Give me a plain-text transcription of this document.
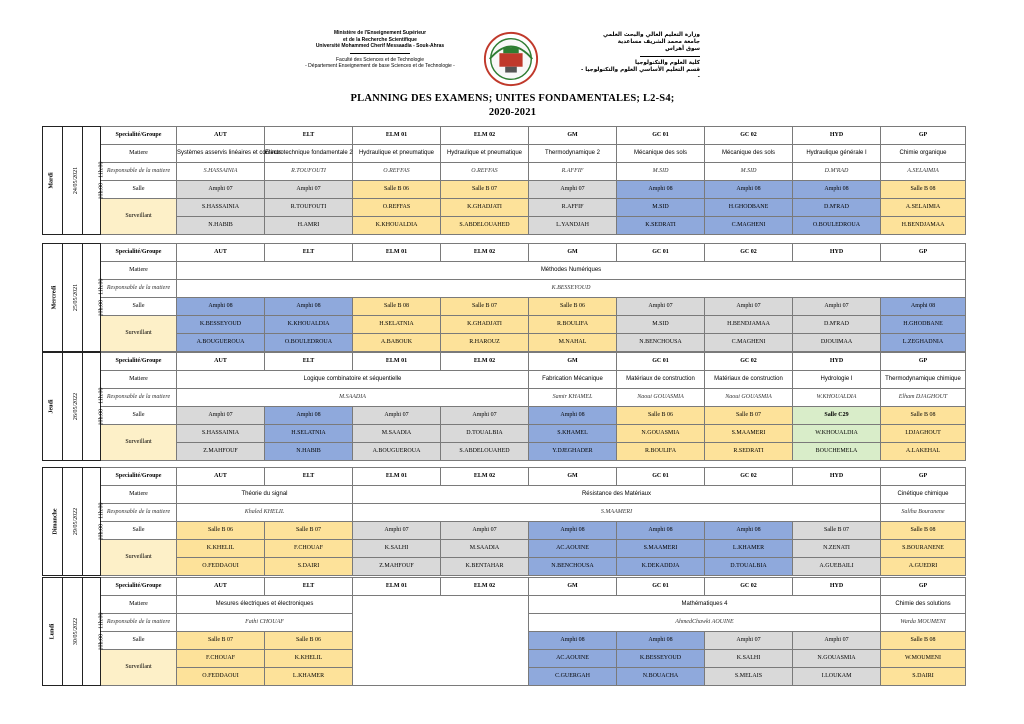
Ministère de l'Enseignement Supérieur
et de la Recherche Scientifique
Université Mohammed Cherif Messaadia - Souk-Ahras
Faculté des Sciences et de Technologie
- Département Enseignement de base Sciences et de Technologie -
وزارة التعليم العالي والبحث العلمي
جامعة محمد الشريف مساعدية
سوق أهراس
كلية العلوم والتكنولوجيا
- قسم التعليم الأساسي العلوم والتكنولوجيا -
PLANNING DES EXAMENS; UNITES FONDAMENTALES; L2-S4;
2020-2021
Mardi	24/05/2021	10h:00 - 11h:00	Specialité/Groupe	AUT	ELT	ELM 01	ELM 02	GM	GC 01	GC 02	HYD	GP
			Matiere	Systèmes asservis linéaires et continus	Electrotechnique fondamentale 2	Hydraulique et pneumatique	Hydraulique et pneumatique	Thermodynamique 2	Mécanique des sols	Mécanique des sols	Hydraulique générale I	Chimie organique
			Responsable de la matiere	S.HASSAINIA	R.TOUFOUTI	O.REFFAS	O.REFFAS	R.AFFIF	M.SID	M.SID	D.M'RAD	A.SELAIMIA
			Salle	Amphi 07	Amphi 07	Salle B 06	Salle B 07	Amphi 07	Amphi 08	Amphi 08	Amphi 08	Salle B 08
			Surveillant	S.HASSAINIA	R.TOUFOUTI	O.REFFAS	K.GHADJATI	R.AFFIF	M.SID	H.GHODBANE	D.M'RAD	A.SELAIMIA
				N.HABIB	H.AMRI	K.KHOUALDIA	S.ABDELOUAHED	L.YANDJAH	K.SEDRATI	C.MAGHENI	O.BOULEDROUA	H.BENDJAMAA
Mercredi	25/05/2021	10h:00 - 11h:00	Specialité/Groupe	AUT	ELT	ELM 01	ELM 02	GM	GC 01	GC 02	HYD	GP
			Matiere	Méthodes Numériques								
			Responsable de la matiere	K.BESSEYOUD								
			Salle	Amphi 08	Amphi 08	Salle B 08	Salle B 07	Salle B 06	Amphi 07	Amphi 07	Amphi 07	Amphi 08
			Surveillant	K.BESSEYOUD	K.KHOUALDIA	H.SELATNIA	K.GHADJATI	R.BOULIFA	M.SID	H.BENDJAMAA	D.M'RAD	H.GHODBANE
				A.BOUGUEROUA	O.BOULEDROUA	A.BABOUK	R.HAROUZ	M.NAHAL	N.BENCHOUSA	C.MAGHENI	DJOUIMAA	L.ZEGHADNIA
Jeudi	26/05/2022	10h:00 - 11h:00	Specialité/Groupe	AUT	ELT	ELM 01	ELM 02	GM	GC 01	GC 02	HYD	GP
			Matiere	Logique combinatoire et séquentielle				Fabrication Mécanique	Matériaux de construction	Matériaux de construction	Hydrologie I	Thermodynamique chimique
			Responsable de la matiere	M.SAADIA				Samir KHAMEL	Naoui GOUASMIA	Naoui GOUASMIA	W.KHOUALDIA	Elham DJAGHOUT
			Salle	Amphi 07	Amphi 08	Amphi 07	Amphi 07	Amphi 08	Salle B 06	Salle B 07	Salle C29	Salle B 08
			Surveillant	S.HASSAINIA	H.SELATNIA	M.SAADIA	D.TOUALBIA	S.KHAMEL	N.GOUASMIA	S.MAAMERI	W.KHOUALDIA	I.DJAGHOUT
				Z.MAHFOUF	N.HABIB	A.BOUGUEROUA	S.ABDELOUAHED	Y.DJEGHADER	R.BOULIFA	R.SEDRATI	BOUCHEMELA	A.LAKEHAL
Dimanche	29/05/2022	10h:00 - 11h:00	Specialité/Groupe	AUT	ELT	ELM 01	ELM 02	GM	GC 01	GC 02	HYD	GP
			Matiere	Théorie du signal		Résistance des Matériaux						Cinétique chimique
			Responsable de la matiere	Khaled KHELIL		S.MAAMERI						Saliha Bouranene
			Salle	Salle B 06	Salle B 07	Amphi 07	Amphi 07	Amphi 08	Amphi 08	Amphi 08	Salle B 07	Salle B 08
			Surveillant	K.KHELIL	F.CHOUAF	K.SALHI	M.SAADIA	AC.AOUINE	S.MAAMERI	L.KHAMER	N.ZENATI	S.BOURANENE
				O.FEDDAOUI	S.DAIRI	Z.MAHFOUF	K.BENTAHAR	N.BENCHOUSA	K.DEKADDJA	D.TOUALBIA	A.GUEBAILI	A.GUEDRI
Lundi	30/05/2022	10h:00 - 11h:00	Specialité/Groupe	AUT	ELT	ELM 01	ELM 02	GM	GC 01	GC 02	HYD	GP
			Matiere	Mesures électriques et électroniques				Mathématiques 4				Chimie des solutions
			Responsable de la matiere	Fathi CHOUAF				AhmedChawki AOUINE				Warda MOUMENI
			Salle	Salle B 07	Salle B 06			Amphi 08	Amphi 08	Amphi 07	Amphi 07	Salle B 08
			Surveillant	F.CHOUAF	K.KHELIL			AC.AOUINE	K.BESSEYOUD	K.SALHI	N.GOUASMIA	W.MOUMENI
				O.FEDDAOUI	L.KHAMER			C.GUERGAH	N.BOUACHA	S.MELAIS	I.LOUKAM	S.DAIRI
